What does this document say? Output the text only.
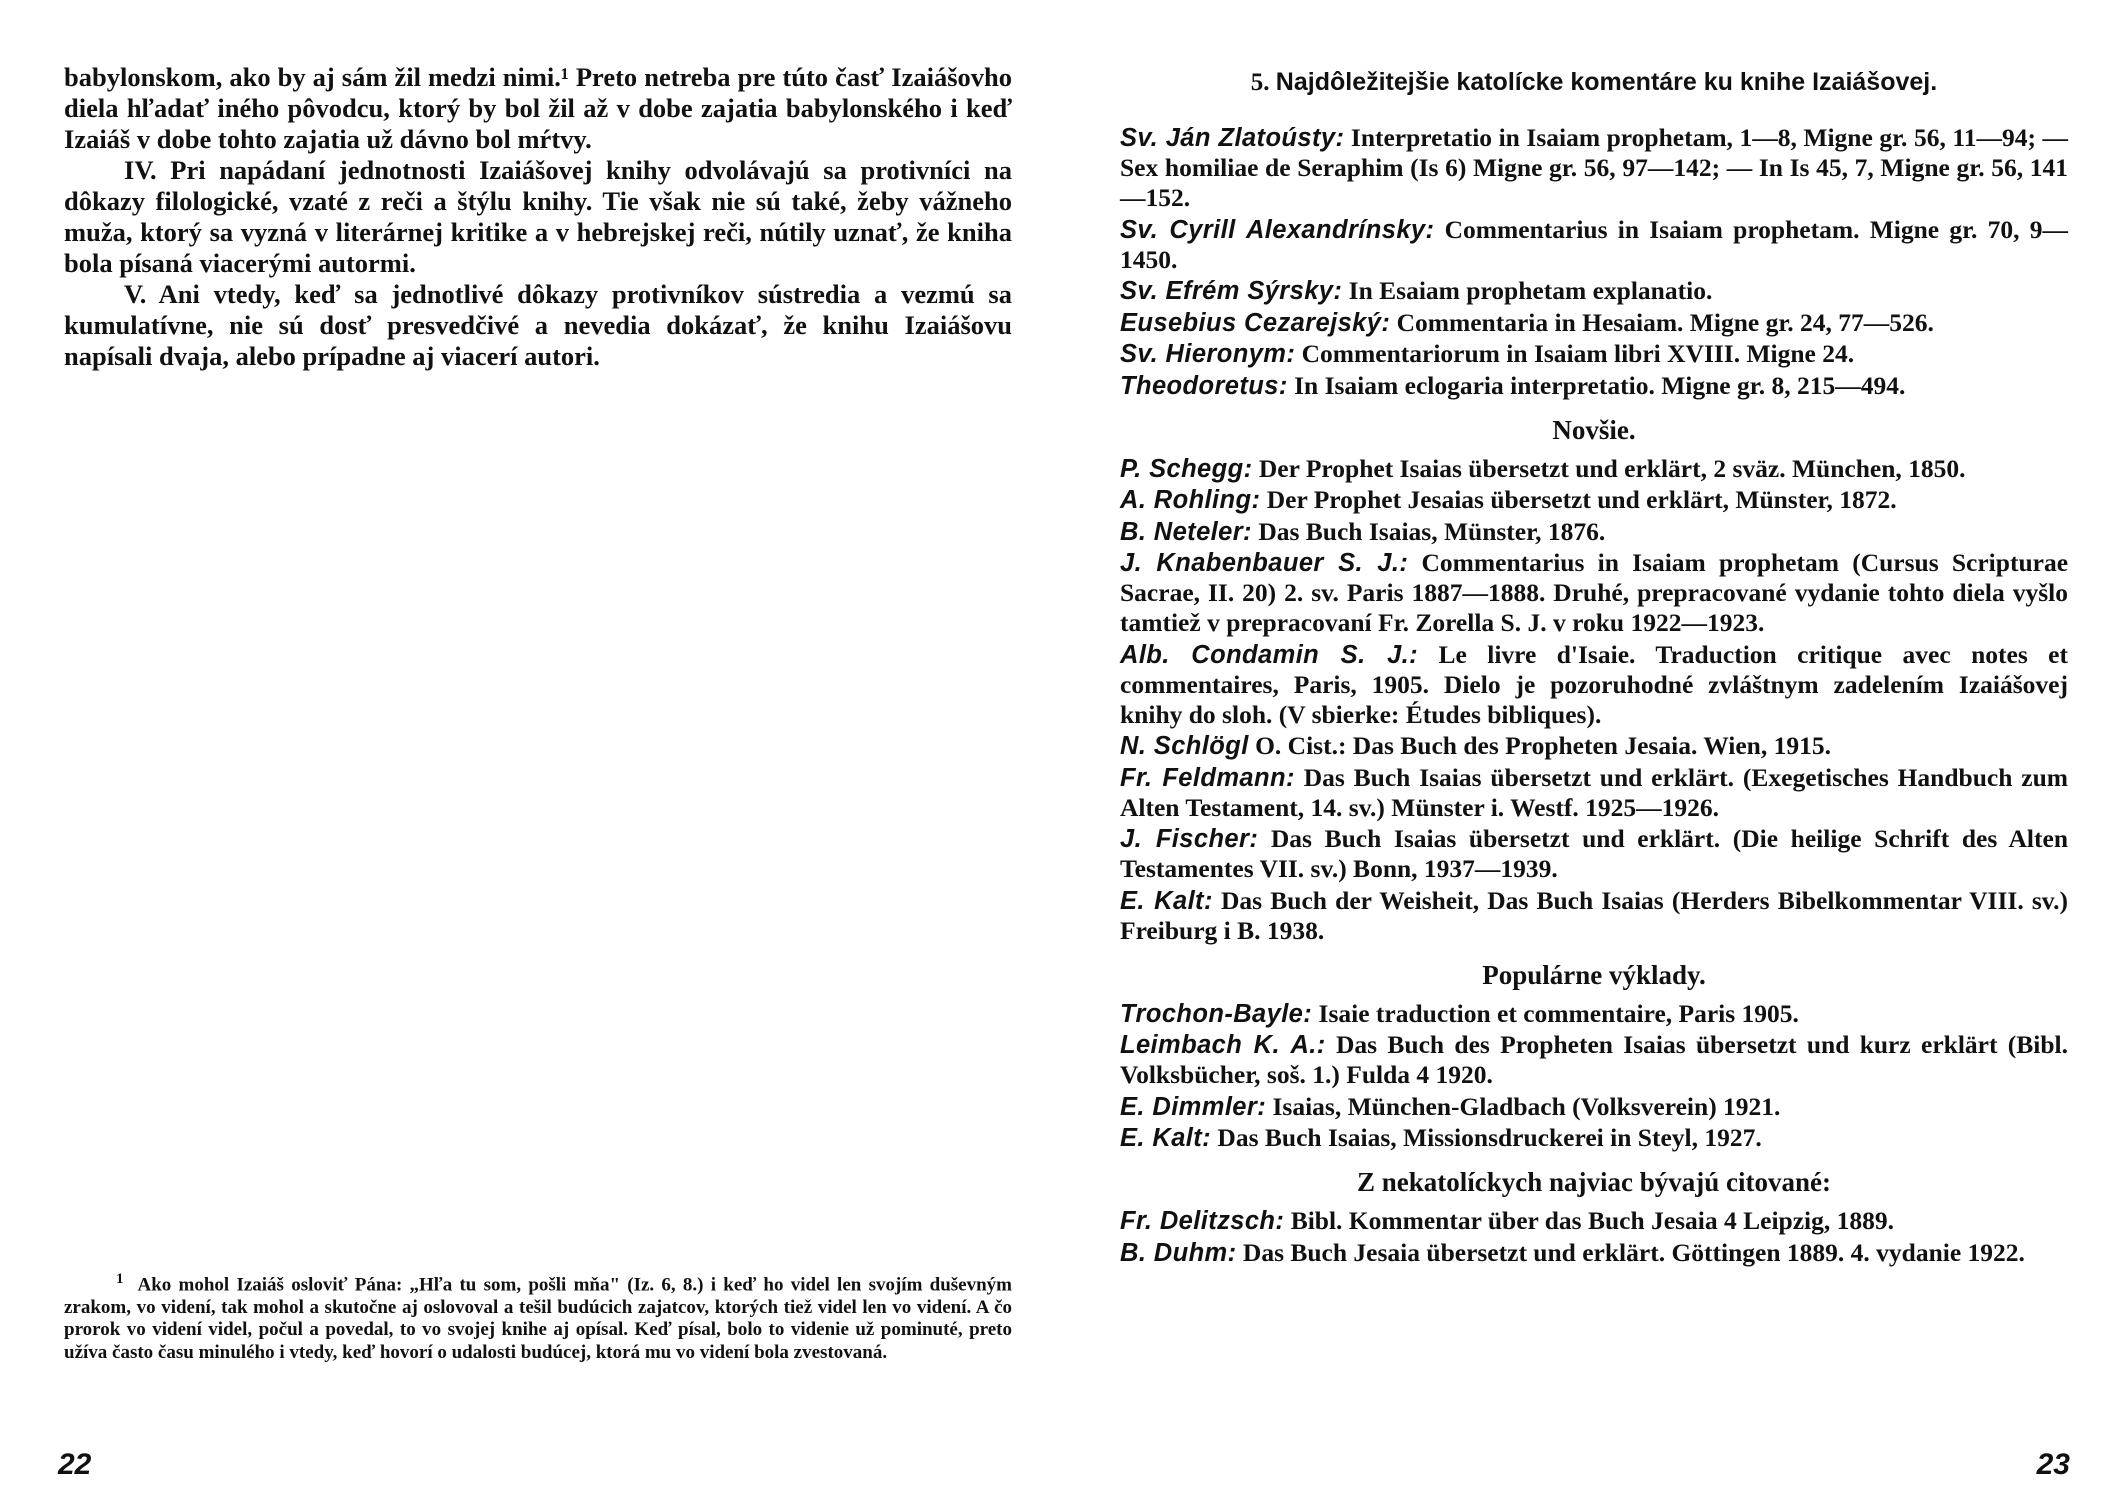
babylonskom, ako by aj sám žil medzi nimi.¹ Preto netreba pre túto časť Izaiášovho diela hľadať iného pôvodcu, ktorý by bol žil až v dobe zajatia babylonského i keď Izaiáš v dobe tohto zajatia už dávno bol mŕtvy.

IV. Pri napádaní jednotnosti Izaiášovej knihy odvolávajú sa protivníci na dôkazy filologické, vzaté z reči a štýlu knihy. Tie však nie sú také, žeby vážneho muža, ktorý sa vyzná v literárnej kritike a v hebrejskej reči, nútily uznať, že kniha bola písaná viacerými autormi.

V. Ani vtedy, keď sa jednotlivé dôkazy protivníkov sústredia a vezmú sa kumulatívne, nie sú dosť presvedčivé a nevedia dokázať, že knihu Izaiášovu napísali dvaja, alebo prípadne aj viacerí autori.

$^1$ Ako mohol Izaiáš osloviť Pána: „Hľa tu som, pošli mňa" (Iz. 6, 8.) i keď ho videl len svojím duševným zrakom, vo videní, tak mohol a skutočne aj oslovoval a tešil budúcich zajatcov, ktorých tiež videl len vo videní. A čo prorok vo videní videl, počul a povedal, to vo svojej knihe aj opísal. Keď písal, bolo to videnie už pominuté, preto užíva často času minulého i vtedy, keď hovorí o udalosti budúcej, ktorá mu vo videní bola zvestovaná.
22
5. Najdôležitejšie katolícke komentáre ku knihe Izaiášovej.
Sv. Ján Zlatoústy: Interpretatio in Isaiam prophetam, 1—8, Migne gr. 56, 11—94; — Sex homiliae de Seraphim (Is 6) Migne gr. 56, 97—142; — In Is 45, 7, Migne gr. 56, 141—152.
Sv. Cyrill Alexandrínsky: Commentarius in Isaiam prophetam. Migne gr. 70, 9—1450.
Sv. Efrém Sýrsky: In Esaiam prophetam explanatio.
Eusebius Cezarejský: Commentaria in Hesaiam. Migne gr. 24, 77—526.
Sv. Hieronym: Commentariorum in Isaiam libri XVIII. Migne 24.
Theodoretus: In Isaiam eclogaria interpretatio. Migne gr. 8, 215—494.
Novšie.
P. Schegg: Der Prophet Isaias übersetzt und erklärt, 2 sväz. München, 1850.
A. Rohling: Der Prophet Jesaias übersetzt und erklärt, Münster, 1872.
B. Neteler: Das Buch Isaias, Münster, 1876.
J. Knabenbauer S. J.: Commentarius in Isaiam prophetam (Cursus Scripturae Sacrae, II. 20) 2. sv. Paris 1887—1888. Druhé, prepracované vydanie tohto diela vyšlo tamtiež v prepracovaní Fr. Zorella S. J. v roku 1922—1923.
Alb. Condamin S. J.: Le livre d'Isaie. Traduction critique avec notes et commentaires, Paris, 1905. Dielo je pozoruhodné zvláštnym zadelením Izaiášovej knihy do sloh. (V sbierke: Études bibliques).
N. Schlögl O. Cist.: Das Buch des Propheten Jesaia. Wien, 1915.
Fr. Feldmann: Das Buch Isaias übersetzt und erklärt. (Exegetisches Handbuch zum Alten Testament, 14. sv.) Münster i. Westf. 1925—1926.
J. Fischer: Das Buch Isaias übersetzt und erklärt. (Die heilige Schrift des Alten Testamentes VII. sv.) Bonn, 1937—1939.
E. Kalt: Das Buch der Weisheit, Das Buch Isaias (Herders Bibelkommentar VIII. sv.) Freiburg i B. 1938.
Populárne výklady.
Trochon-Bayle: Isaie traduction et commentaire, Paris 1905.
Leimbach K. A.: Das Buch des Propheten Isaias übersetzt und kurz erklärt (Bibl. Volksbücher, soš. 1.) Fulda 4 1920.
E. Dimmler: Isaias, München-Gladbach (Volksverein) 1921.
E. Kalt: Das Buch Isaias, Missionsdruckerei in Steyl, 1927.
Z nekatolíckych najviac bývajú citované:
Fr. Delitzsch: Bibl. Kommentar über das Buch Jesaia 4 Leipzig, 1889.
B. Duhm: Das Buch Jesaia übersetzt und erklärt. Göttingen 1889. 4. vydanie 1922.
23
